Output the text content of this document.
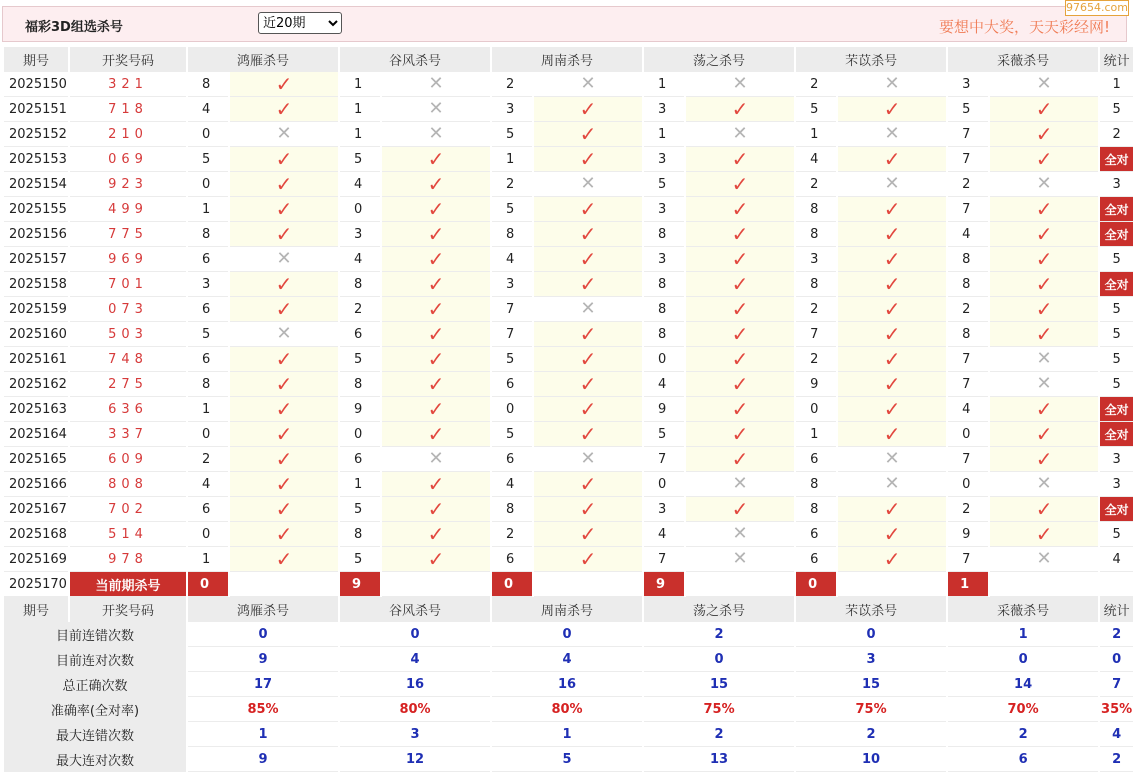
福彩3D组选杀号
近20期	要想中大奖，天天彩经网!
97654.com
期号	开奖号码	鸿雁杀号		谷风杀号		周南杀号		荡之杀号		芣苡杀号		采薇杀号		统计
2025150	321	8	✓	1	✕	2	✕	1	✕	2	✕	3	✕	1
2025151	718	4	✓	1	✕	3	✓	3	✓	5	✓	5	✓	5
2025152	210	0	✕	1	✕	5	✓	1	✕	1	✕	7	✓	2
2025153	069	5	✓	5	✓	1	✓	3	✓	4	✓	7	✓	全对
2025154	923	0	✓	4	✓	2	✕	5	✓	2	✕	2	✕	3
2025155	499	1	✓	0	✓	5	✓	3	✓	8	✓	7	✓	全对
2025156	775	8	✓	3	✓	8	✓	8	✓	8	✓	4	✓	全对
2025157	969	6	✕	4	✓	4	✓	3	✓	3	✓	8	✓	5
2025158	701	3	✓	8	✓	3	✓	8	✓	8	✓	8	✓	全对
2025159	073	6	✓	2	✓	7	✕	8	✓	2	✓	2	✓	5
2025160	503	5	✕	6	✓	7	✓	8	✓	7	✓	8	✓	5
2025161	748	6	✓	5	✓	5	✓	0	✓	2	✓	7	✕	5
2025162	275	8	✓	8	✓	6	✓	4	✓	9	✓	7	✕	5
2025163	636	1	✓	9	✓	0	✓	9	✓	0	✓	4	✓	全对
2025164	337	0	✓	0	✓	5	✓	5	✓	1	✓	0	✓	全对
2025165	609	2	✓	6	✕	6	✕	7	✓	6	✕	7	✓	3
2025166	808	4	✓	1	✓	4	✓	0	✕	8	✕	0	✕	3
2025167	702	6	✓	5	✓	8	✓	3	✓	8	✓	2	✓	全对
2025168	514	0	✓	8	✓	2	✓	4	✕	6	✓	9	✓	5
2025169	978	1	✓	5	✓	6	✓	7	✕	6	✓	7	✕	4
2025170	当前期杀号	0		9		0		9		0		1		
期号	开奖号码	鸿雁杀号		谷风杀号		周南杀号		荡之杀号		芣苡杀号		采薇杀号		统计
目前连错次数		0		0		0		2		0		1		2
目前连对次数		9		4		4		0		3		0		0
总正确次数		17		16		16		15		15		14		7
准确率(全对率)		85%		80%		80%		75%		75%		70%		35%
最大连错次数		1		3		1		2		2		2		4
最大连对次数		9		12		5		13		10		6		2
